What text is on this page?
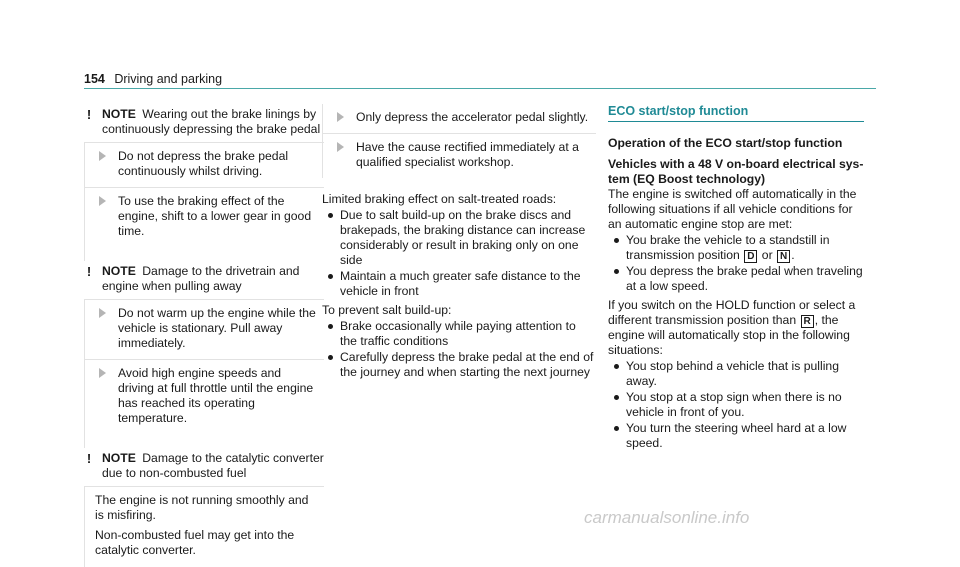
154 Driving and parking
! NOTE Wearing out the brake linings by continuously depressing the brake pedal
Do not depress the brake pedal continuously whilst driving.
To use the braking effect of the engine, shift to a lower gear in good time.
! NOTE Damage to the drivetrain and engine when pulling away
Do not warm up the engine while the vehicle is stationary. Pull away immediately.
Avoid high engine speeds and driving at full throttle until the engine has reached its operating temperature.
! NOTE Damage to the catalytic converter due to non-combusted fuel

The engine is not running smoothly and is misfiring.

Non-combusted fuel may get into the catalytic converter.

Only depress the accelerator pedal slightly.
Have the cause rectified immediately at a qualified specialist workshop.

Limited braking effect on salt-treated roads:

Due to salt build-up on the brake discs and brakepads, the braking distance can increase considerably or result in braking only on one side
Maintain a much greater safe distance to the vehicle in front

To prevent salt build-up:

Brake occasionally while paying attention to the traffic conditions
Carefully depress the brake pedal at the end of the journey and when starting the next journey
ECO start/stop function
Operation of the ECO start/stop function
Vehicles with a 48 V on-board electrical system (EQ Boost technology)

The engine is switched off automatically in the following situations if all vehicle conditions for an automatic engine stop are met:

You brake the vehicle to a standstill in transmission position D or N .
You depress the brake pedal when traveling at a low speed.

If you switch on the HOLD function or select a different transmission position than R , the engine will automatically stop in the following situations:

You stop behind a vehicle that is pulling away.
You stop at a stop sign when there is no vehicle in front of you.
You turn the steering wheel hard at a low speed.
carmanualsonline.info
